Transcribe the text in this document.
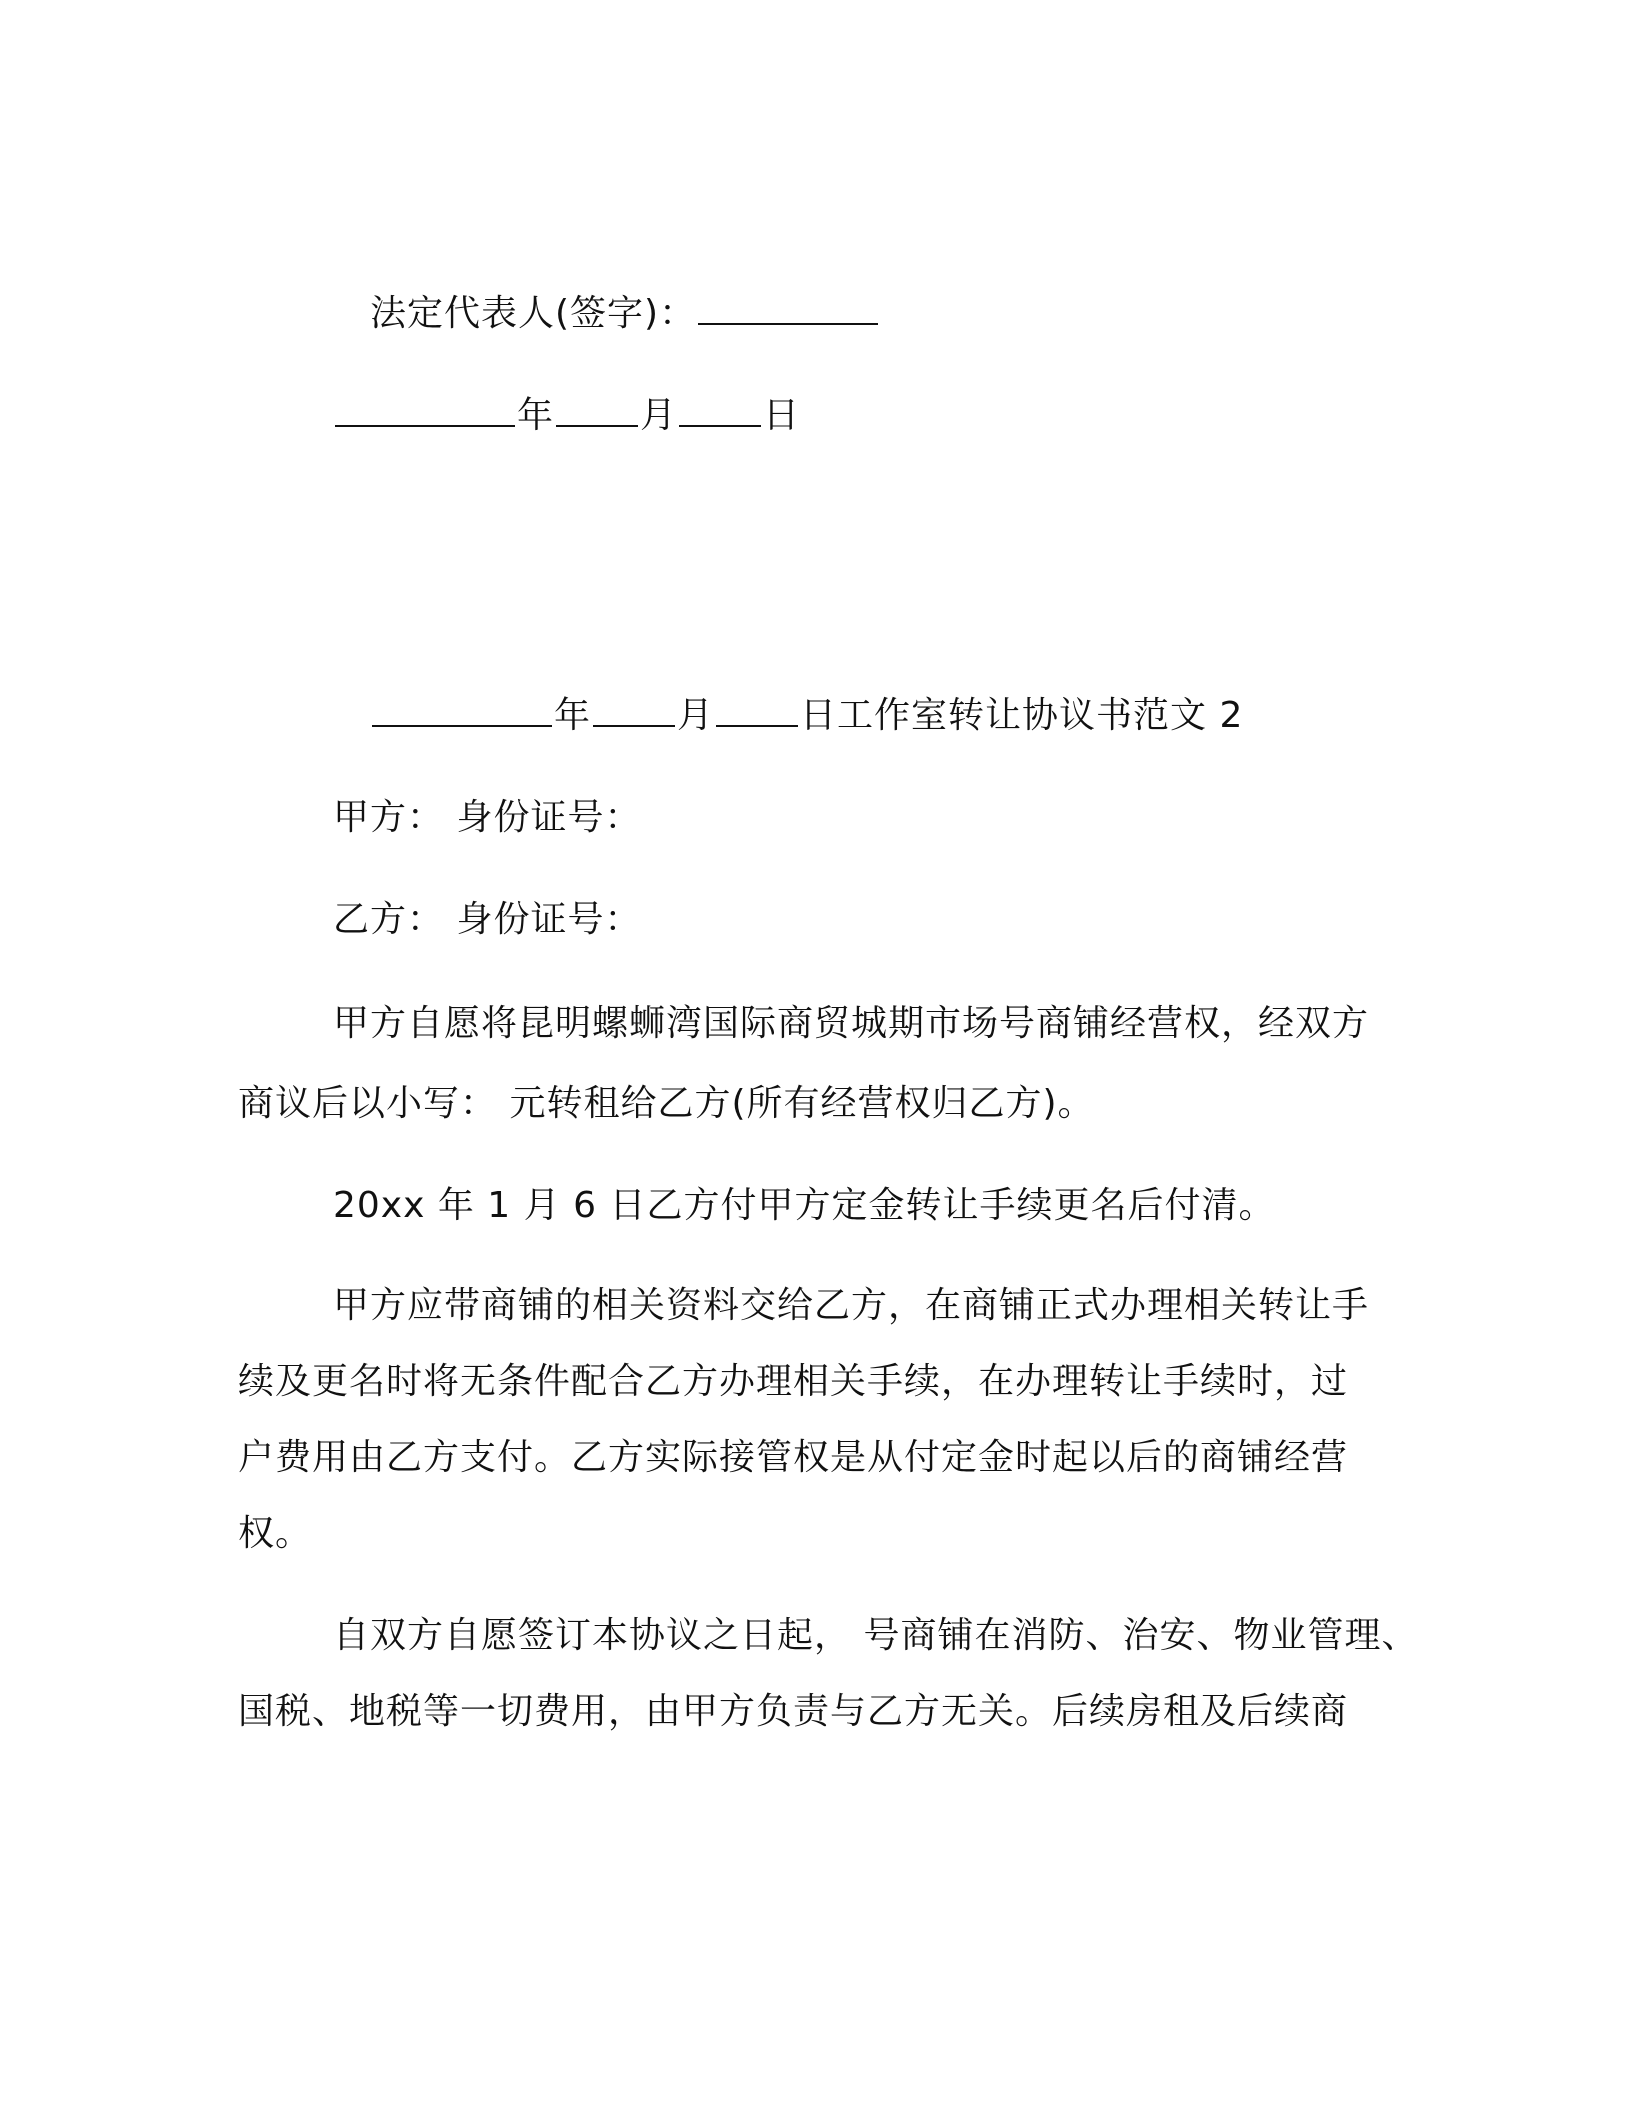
法定代表人(签字)：
年 月 日
年 月 日工作室转让协议书范文 2
甲方： 身份证号：
乙方： 身份证号：
甲方自愿将昆明螺蛳湾国际商贸城期市场号商铺经营权，经双方
商议后以小写： 元转租给乙方(所有经营权归乙方)。
20xx 年 1 月 6 日乙方付甲方定金转让手续更名后付清。
甲方应带商铺的相关资料交给乙方，在商铺正式办理相关转让手
续及更名时将无条件配合乙方办理相关手续，在办理转让手续时，过
户费用由乙方支付。乙方实际接管权是从付定金时起以后的商铺经营
权。
自双方自愿签订本协议之日起， 号商铺在消防、治安、物业管理、
国税、地税等一切费用，由甲方负责与乙方无关。后续房租及后续商
